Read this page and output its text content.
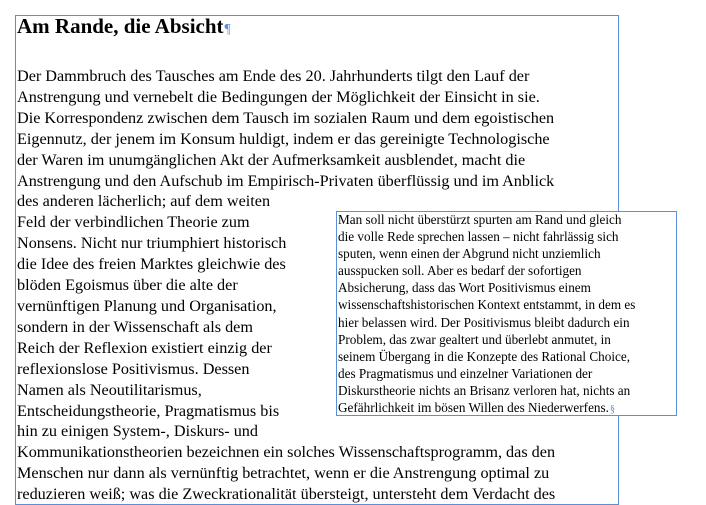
Am Rande, die Absicht¶
Der Dammbruch des Tausches am Ende des 20. Jahrhunderts tilgt den Lauf der
Anstrengung und vernebelt die Bedingungen der Möglichkeit der Einsicht in sie.
Die Korrespondenz zwischen dem Tausch im sozialen Raum und dem egoistischen
Eigennutz, der jenem im Konsum huldigt, indem er das gereinigte Technologische
der Waren im unumgänglichen Akt der Aufmerksamkeit ausblendet, macht die
Anstrengung und den Aufschub im Empirisch-Privaten überflüssig und im Anblick
des anderen lächerlich; auf dem weiten
Feld der verbindlichen Theorie zum
Nonsens. Nicht nur triumphiert historisch
die Idee des freien Marktes gleichwie des
blöden Egoismus über die alte der
vernünftigen Planung und Organisation,
sondern in der Wissenschaft als dem
Reich der Reflexion existiert einzig der
reflexionslose Positivismus. Dessen
Namen als Neoutilitarismus,
Entscheidungstheorie, Pragmatismus bis
hin zu einigen System-, Diskurs- und
Kommunikationstheorien bezeichnen ein solches Wissenschaftsprogramm, das den
Menschen nur dann als vernünftig betrachtet, wenn er die Anstrengung optimal zu
reduzieren weiß; was die Zweckrationalität übersteigt, untersteht dem Verdacht des
Man soll nicht überstürzt spurten am Rand und gleich
die volle Rede sprechen lassen – nicht fahrlässig sich
sputen, wenn einen der Abgrund nicht unziemlich
ausspucken soll. Aber es bedarf der sofortigen
Absicherung, dass das Wort Positivismus einem
wissenschaftshistorischen Kontext entstammt, in dem es
hier belassen wird. Der Positivismus bleibt dadurch ein
Problem, das zwar gealtert und überlebt anmutet, in
seinem Übergang in die Konzepte des Rational Choice,
des Pragmatismus und einzelner Variationen der
Diskurstheorie nichts an Brisanz verloren hat, nichts an
Gefährlichkeit im bösen Willen des Niederwerfens.§
